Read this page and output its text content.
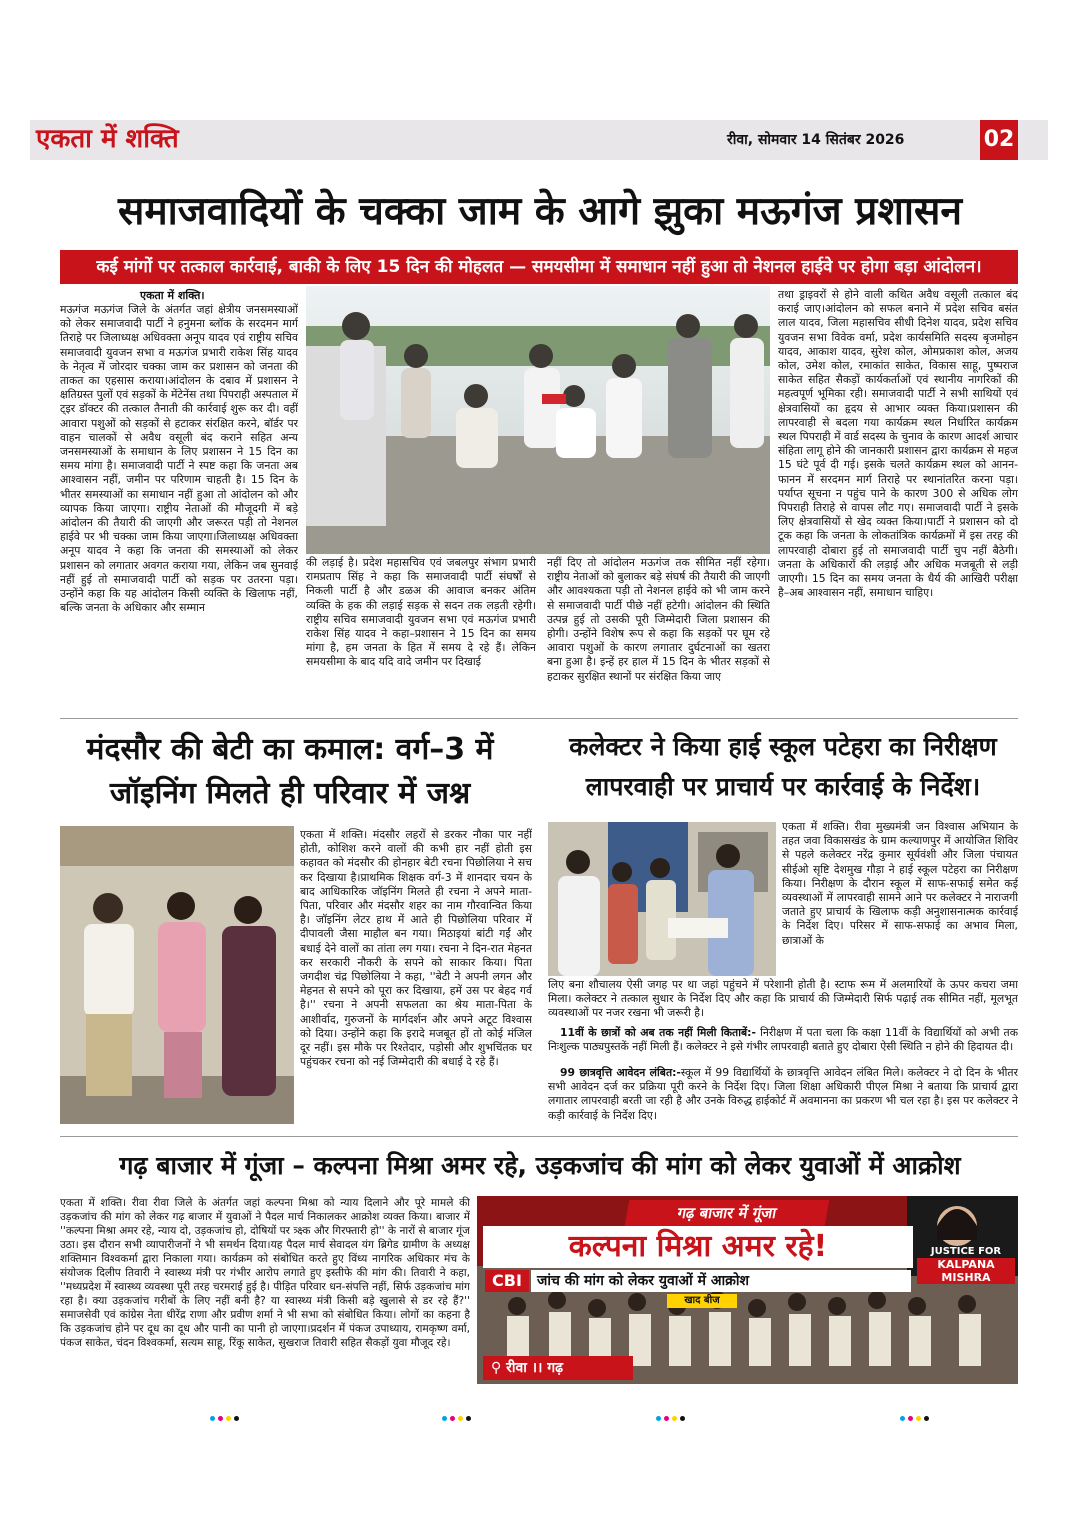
एकता में शक्ति	रीवा, सोमवार 14 सितंबर 2026	02
समाजवादियों के चक्का जाम के आगे झुका मऊगंज प्रशासन
कई मांगों पर तत्काल कार्रवाई, बाकी के लिए 15 दिन की मोहलत — समयसीमा में समाधान नहीं हुआ तो नेशनल हाईवे पर होगा बड़ा आंदोलन।
एकता में शक्ति।
मऊगंज मऊगंज जिले के अंतर्गत जहां क्षेत्रीय जनसमस्याओं को लेकर समाजवादी पार्टी ने हनुमना ब्लॉक के सरदमन मार्ग तिराहे पर जिलाध्यक्ष अधिवक्ता अनूप यादव एवं राष्ट्रीय सचिव समाजवादी युवजन सभा व मऊगंज प्रभारी राकेश सिंह यादव के नेतृत्व में जोरदार चक्का जाम कर प्रशासन को जनता की ताकत का एहसास कराया।आंदोलन के दबाव में प्रशासन ने क्षतिग्रस्त पुलों एवं सड़कों के मेंटेनेंस तथा पिपराही अस्पताल में ट्इर डॉक्टर की तत्काल तैनाती की कार्रवाई शुरू कर दी। वहीं आवारा पशुओं को सड़कों से हटाकर संरक्षित करने, बॉर्डर पर वाहन चालकों से अवैध वसूली बंद कराने सहित अन्य जनसमस्याओं के समाधान के लिए प्रशासन ने 15 दिन का समय मांगा है। समाजवादी पार्टी ने स्पष्ट कहा कि जनता अब आश्वासन नहीं, जमीन पर परिणाम चाहती है। 15 दिन के भीतर समस्याओं का समाधान नहीं हुआ तो आंदोलन को और व्यापक किया जाएगा। राष्ट्रीय नेताओं की मौजूदगी में बड़े आंदोलन की तैयारी की जाएगी और जरूरत पड़ी तो नेशनल हाईवे पर भी चक्का जाम किया जाएगा।जिलाध्यक्ष अधिवक्ता अनूप यादव ने कहा कि जनता की समस्याओं को लेकर प्रशासन को लगातार अवगत कराया गया, लेकिन जब सुनवाई नहीं हुई तो समाजवादी पार्टी को सड़क पर उतरना पड़ा। उन्होंने कहा कि यह आंदोलन किसी व्यक्ति के खिलाफ नहीं, बल्कि जनता के अधिकार और सम्मान
की लड़ाई है। प्रदेश महासचिव एवं जबलपुर संभाग प्रभारी रामप्रताप सिंह ने कहा कि समाजवादी पार्टी संघर्षों से निकली पार्टी है और डळअ की आवाज बनकर अंतिम व्यक्ति के हक की लड़ाई सड़क से सदन तक लड़ती रहेगी।राष्ट्रीय सचिव समाजवादी युवजन सभा एवं मऊगंज प्रभारी राकेश सिंह यादव ने कहा–प्रशासन ने 15 दिन का समय मांगा है, हम जनता के हित में समय दे रहे हैं। लेकिन समयसीमा के बाद यदि वादे जमीन पर दिखाई
नहीं दिए तो आंदोलन मऊगंज तक सीमित नहीं रहेगा। राष्ट्रीय नेताओं को बुलाकर बड़े संघर्ष की तैयारी की जाएगी और आवश्यकता पड़ी तो नेशनल हाईवे को भी जाम करने से समाजवादी पार्टी पीछे नहीं हटेगी। आंदोलन की स्थिति उत्पन्न हुई तो उसकी पूरी जिम्मेदारी जिला प्रशासन की होगी। उन्होंने विशेष रूप से कहा कि सड़कों पर घूम रहे आवारा पशुओं के कारण लगातार दुर्घटनाओं का खतरा बना हुआ है। इन्हें हर हाल में 15 दिन के भीतर सड़कों से हटाकर सुरक्षित स्थानों पर संरक्षित किया जाए
तथा ड्राइवरों से होने वाली कथित अवैध वसूली तत्काल बंद कराई जाए।आंदोलन को सफल बनाने में प्रदेश सचिव बसंत लाल यादव, जिला महासचिव सीधी दिनेश यादव, प्रदेश सचिव युवजन सभा विवेक वर्मा, प्रदेश कार्यसमिति सदस्य बृजमोहन यादव, आकाश यादव, सुरेश कोल, ओमप्रकाश कोल, अजय कोल, उमेश कोल, रमाकांत साकेत, विकास साहू, पुष्पराज साकेत सहित सैकड़ों कार्यकर्ताओं एवं स्थानीय नागरिकों की महत्वपूर्ण भूमिका रही। समाजवादी पार्टी ने सभी साथियों एवं क्षेत्रवासियों का हृदय से आभार व्यक्त किया।प्रशासन की लापरवाही से बदला गया कार्यक्रम स्थल निर्धारित कार्यक्रम स्थल पिपराही में वार्ड सदस्य के चुनाव के कारण आदर्श आचार संहिता लागू होने की जानकारी प्रशासन द्वारा कार्यक्रम से महज 15 घंटे पूर्व दी गई। इसके चलते कार्यक्रम स्थल को आनन-फानन में सरदमन मार्ग तिराहे पर स्थानांतरित करना पड़ा। पर्याप्त सूचना न पहुंच पाने के कारण 300 से अधिक लोग पिपराही तिराहे से वापस लौट गए। समाजवादी पार्टी ने इसके लिए क्षेत्रवासियों से खेद व्यक्त किया।पार्टी ने प्रशासन को दो टूक कहा कि जनता के लोकतांत्रिक कार्यक्रमों में इस तरह की लापरवाही दोबारा हुई तो समाजवादी पार्टी चुप नहीं बैठेगी। जनता के अधिकारों की लड़ाई और अधिक मजबूती से लड़ी जाएगी। 15 दिन का समय जनता के धैर्य की आखिरी परीक्षा है–अब आश्वासन नहीं, समाधान चाहिए।
मंदसौर की बेटी का कमाल: वर्ग–3 में
जॉइनिंग मिलते ही परिवार में जश्न
एकता में शक्ति। मंदसौर लहरों से डरकर नौका पार नहीं होती, कोशिश करने वालों की कभी हार नहीं होती इस कहावत को मंदसौर की होनहार बेटी रचना पिछोलिया ने सच कर दिखाया है।प्राथमिक शिक्षक वर्ग-3 में शानदार चयन के बाद आधिकारिक जॉइनिंग मिलते ही रचना ने अपने माता-पिता, परिवार और मंदसौर शहर का नाम गौरवान्वित किया है। जॉइनिंग लेटर हाथ में आते ही पिछोलिया परिवार में दीपावली जैसा माहौल बन गया। मिठाइयां बांटी गईं और बधाई देने वालों का तांता लग गया। रचना ने दिन-रात मेहनत कर सरकारी नौकरी के सपने को साकार किया। पिता जगदीश चंद्र पिछोलिया ने कहा, ''बेटी ने अपनी लगन और मेहनत से सपने को पूरा कर दिखाया, हमें उस पर बेहद गर्व है।'' रचना ने अपनी सफलता का श्रेय माता-पिता के आशीर्वाद, गुरुजनों के मार्गदर्शन और अपने अटूट विश्वास को दिया। उन्होंने कहा कि इरादे मजबूत हों तो कोई मंजिल दूर नहीं। इस मौके पर रिश्तेदार, पड़ोसी और शुभचिंतक घर पहुंचकर रचना को नई जिम्मेदारी की बधाई दे रहे हैं।
कलेक्टर ने किया हाई स्कूल पटेहरा का निरीक्षण
लापरवाही पर प्राचार्य पर कार्रवाई के निर्देश।
एकता में शक्ति। रीवा मुख्यमंत्री जन विश्वास अभियान के तहत जवा विकासखंड के ग्राम कल्याणपुर में आयोजित शिविर से पहले कलेक्टर नरेंद्र कुमार सूर्यवंशी और जिला पंचायत सीईओ सृष्टि देशमुख गौड़ा ने हाई स्कूल पटेहरा का निरीक्षण किया। निरीक्षण के दौरान स्कूल में साफ-सफाई समेत कई व्यवस्थाओं में लापरवाही सामने आने पर कलेक्टर ने नाराजगी जताते हुए प्राचार्य के खिलाफ कड़ी अनुशासनात्मक कार्रवाई के निर्देश दिए। परिसर में साफ-सफाई का अभाव मिला, छात्राओं के
लिए बना शौचालय ऐसी जगह पर था जहां पहुंचने में परेशानी होती है। स्टाफ रूम में अलमारियों के ऊपर कचरा जमा मिला। कलेक्टर ने तत्काल सुधार के निर्देश दिए और कहा कि प्राचार्य की जिम्मेदारी सिर्फ पढ़ाई तक सीमित नहीं, मूलभूत व्यवस्थाओं पर नजर रखना भी जरूरी है।
11वीं के छात्रों को अब तक नहीं मिली किताबें:- निरीक्षण में पता चला कि कक्षा 11वीं के विद्यार्थियों को अभी तक निःशुल्क पाठ्यपुस्तकें नहीं मिली हैं। कलेक्टर ने इसे गंभीर लापरवाही बताते हुए दोबारा ऐसी स्थिति न होने की हिदायत दी।
99 छात्रवृत्ति आवेदन लंबित:-स्कूल में 99 विद्यार्थियों के छात्रवृत्ति आवेदन लंबित मिले। कलेक्टर ने दो दिन के भीतर सभी आवेदन दर्ज कर प्रक्रिया पूरी करने के निर्देश दिए। जिला शिक्षा अधिकारी पीएल मिश्रा ने बताया कि प्राचार्य द्वारा लगातार लापरवाही बरती जा रही है और उनके विरुद्ध हाईकोर्ट में अवमानना का प्रकरण भी चल रहा है। इस पर कलेक्टर ने कड़ी कार्रवाई के निर्देश दिए।
गढ़ बाजार में गूंजा – कल्पना मिश्रा अमर रहे, उड़कजांच की मांग को लेकर युवाओं में आक्रोश
एकता में शक्ति। रीवा रीवा जिले के अंतर्गत जहां कल्पना मिश्रा को न्याय दिलाने और पूरे मामले की उड़कजांच की मांग को लेकर गढ़ बाजार में युवाओं ने पैदल मार्च निकालकर आक्रोश व्यक्त किया। बाजार में ''कल्पना मिश्रा अमर रहे, न्याय दो, उड़कजांच हो, दोषियों पर त्र्क्ष्क और गिरफ्तारी हो'' के नारों से बाजार गूंज उठा। इस दौरान सभी व्यापारीजनों ने भी समर्थन दिया।यह पैदल मार्च सेवादल यंग ब्रिगेड ग्रामीण के अध्यक्ष शक्तिमान विश्वकर्मा द्वारा निकाला गया। कार्यक्रम को संबोधित करते हुए विंध्य नागरिक अधिकार मंच के संयोजक दिलीप तिवारी ने स्वास्थ्य मंत्री पर गंभीर आरोप लगाते हुए इस्तीफे की मांग की। तिवारी ने कहा, ''मध्यप्रदेश में स्वास्थ्य व्यवस्था पूरी तरह चरमराई हुई है। पीड़ित परिवार धन-संपत्ति नहीं, सिर्फ उड़कजांच मांग रहा है। क्या उड़कजांच गरीबों के लिए नहीं बनी है? या स्वास्थ्य मंत्री किसी बड़े खुलासे से डर रहे हैं?'' समाजसेवी एवं कांग्रेस नेता धीरेंद्र राणा और प्रवीण शर्मा ने भी सभा को संबोधित किया। लोगों का कहना है कि उड़कजांच होने पर दूध का दूध और पानी का पानी हो जाएगा।प्रदर्शन में पंकज उपाध्याय, रामकृष्ण वर्मा, पंकज साकेत, चंदन विश्वकर्मा, सत्यम साहू, रिंकू साकेत, सुखराज तिवारी सहित सैकड़ों युवा मौजूद रहे।
गढ़ बाजार में गूंजा
कल्पना मिश्रा अमर रहे!
CBI	जांच की मांग को लेकर युवाओं में आक्रोश
JUSTICE FOR
KALPANA MISHRA
खाद बीज
⚲ रीवा ।। गढ़
